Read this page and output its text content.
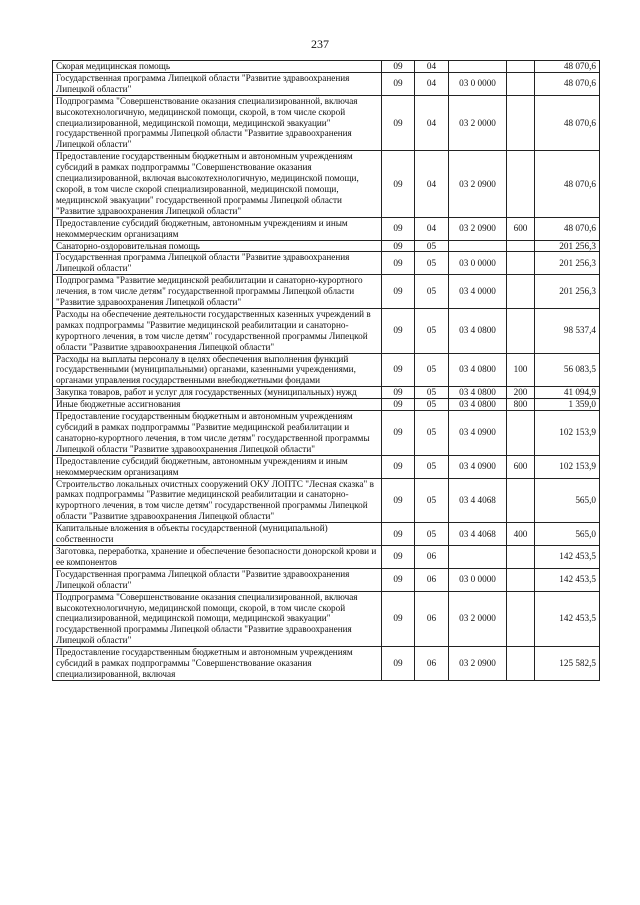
237
Скорая медицинская помощь	09	04			48 070,6
Государственная программа Липецкой области "Развитие здравоохранения Липецкой области"	09	04	03 0 0000		48 070,6
Подпрограмма "Совершенствование оказания специализированной, включая высокотехнологичную, медицинской помощи, скорой, в том числе скорой специализированной, медицинской помощи, медицинской эвакуации" государственной программы Липецкой области "Развитие здравоохранения Липецкой области"	09	04	03 2 0000		48 070,6
Предоставление государственным бюджетным и автономным учреждениям субсидий в рамках подпрограммы "Совершенствование оказания специализированной, включая высокотехнологичную, медицинской помощи, скорой, в том числе скорой специализированной, медицинской помощи, медицинской эвакуации" государственной программы Липецкой области "Развитие здравоохранения Липецкой области"	09	04	03 2 0900		48 070,6
Предоставление субсидий бюджетным, автономным учреждениям и иным некоммерческим организациям	09	04	03 2 0900	600	48 070,6
Санаторно-оздоровительная помощь	09	05			201 256,3
Государственная программа Липецкой области "Развитие здравоохранения Липецкой области"	09	05	03 0 0000		201 256,3
Подпрограмма "Развитие медицинской реабилитации и санаторно-курортного лечения, в том числе детям" государственной программы Липецкой области "Развитие здравоохранения Липецкой области"	09	05	03 4 0000		201 256,3
Расходы на обеспечение деятельности государственных казенных учреждений в рамках подпрограммы "Развитие медицинской реабилитации и санаторно-курортного лечения, в том числе детям" государственной программы Липецкой области "Развитие здравоохранения Липецкой области"	09	05	03 4 0800		98 537,4
Расходы на выплаты персоналу в целях обеспечения выполнения функций государственными (муниципальными) органами, казенными учреждениями, органами управления государственными внебюджетными фондами	09	05	03 4 0800	100	56 083,5
Закупка товаров, работ и услуг для государственных (муниципальных) нужд	09	05	03 4 0800	200	41 094,9
Иные бюджетные ассигнования	09	05	03 4 0800	800	1 359,0
Предоставление государственным бюджетным и автономным учреждениям субсидий в рамках подпрограммы "Развитие медицинской реабилитации и санаторно-курортного лечения, в том числе детям" государственной программы Липецкой области "Развитие здравоохранения Липецкой области"	09	05	03 4 0900		102 153,9
Предоставление субсидий бюджетным, автономным учреждениям и иным некоммерческим организациям	09	05	03 4 0900	600	102 153,9
Строительство локальных очистных сооружений ОКУ ЛОПТС "Лесная сказка" в рамках подпрограммы "Развитие медицинской реабилитации и санаторно-курортного лечения, в том числе детям" государственной программы Липецкой области "Развитие здравоохранения Липецкой области"	09	05	03 4 4068		565,0
Капитальные вложения в объекты государственной (муниципальной) собственности	09	05	03 4 4068	400	565,0
Заготовка, переработка, хранение и обеспечение безопасности донорской крови и ее компонентов	09	06			142 453,5
Государственная программа Липецкой области "Развитие здравоохранения Липецкой области"	09	06	03 0 0000		142 453,5
Подпрограмма "Совершенствование оказания специализированной, включая высокотехнологичную, медицинской помощи, скорой, в том числе скорой специализированной, медицинской помощи, медицинской эвакуации" государственной программы Липецкой области "Развитие здравоохранения Липецкой области"	09	06	03 2 0000		142 453,5
Предоставление государственным бюджетным и автономным учреждениям субсидий в рамках подпрограммы "Совершенствование оказания специализированной, включая	09	06	03 2 0900		125 582,5
